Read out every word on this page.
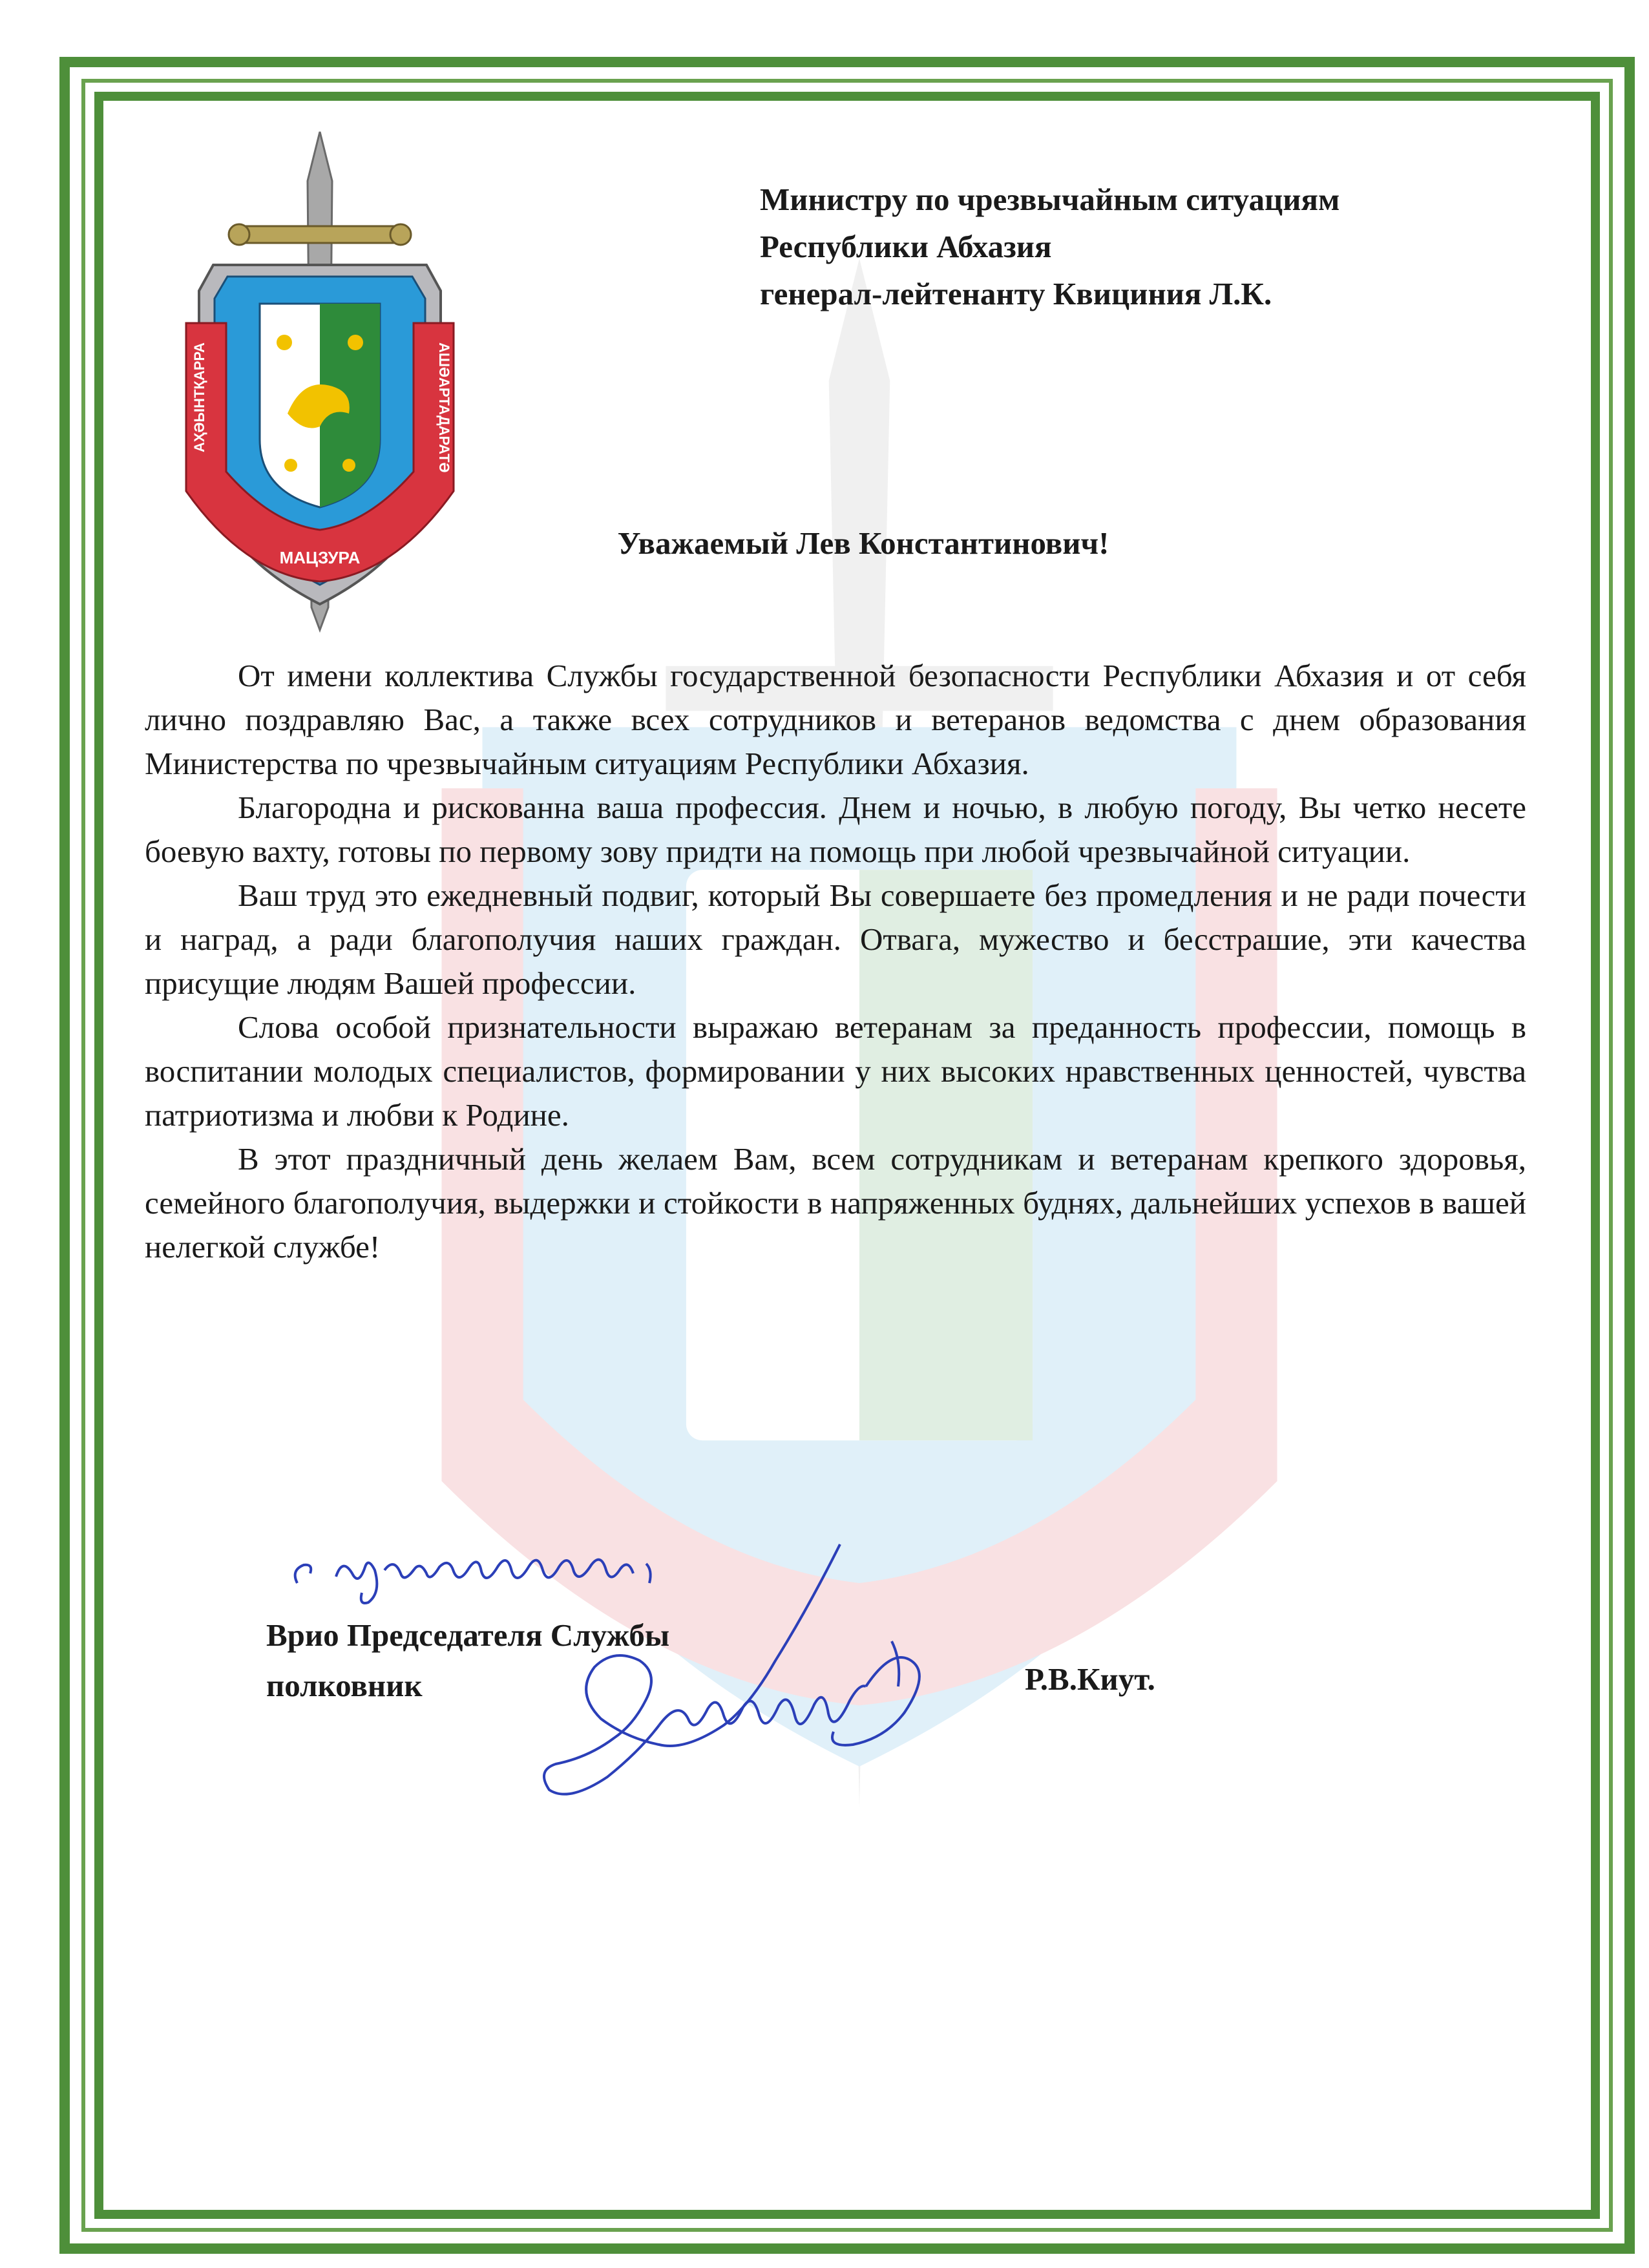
АҲӘЫНТҚАРРА	АШӘАРТАДАРАТӘ
МАЦЗУРА
Министру по чрезвычайным ситуациям
Республики Абхазия
генерал-лейтенанту Квициния Л.К.
Уважаемый Лев Константинович!

От имени коллектива Службы государственной безопасности Республики Абхазия и от себя лично поздравляю Вас, а также всех сотрудников и ветеранов ведомства с днем образования Министерства по чрезвычайным ситуациям Республики Абхазия.

Благородна и рискованна ваша профессия. Днем и ночью, в любую погоду, Вы четко несете боевую вахту, готовы по первому зову придти на помощь при любой чрезвычайной ситуации.

Ваш труд это ежедневный подвиг, который Вы совершаете без промедления и не ради почести и наград, а ради благополучия наших граждан. Отвага, мужество и бесстрашие, эти качества присущие людям Вашей профессии.

Слова особой признательности выражаю ветеранам за преданность профессии, помощь в воспитании молодых специалистов, формировании у них высоких нравственных ценностей, чувства патриотизма и любви к Родине.

В этот праздничный день желаем Вам, всем сотрудникам и ветеранам крепкого здоровья, семейного благополучия, выдержки и стойкости в напряженных буднях, дальнейших успехов в вашей нелегкой службе!

Врио Председателя Службы
полковник	Р.В.Киут.
